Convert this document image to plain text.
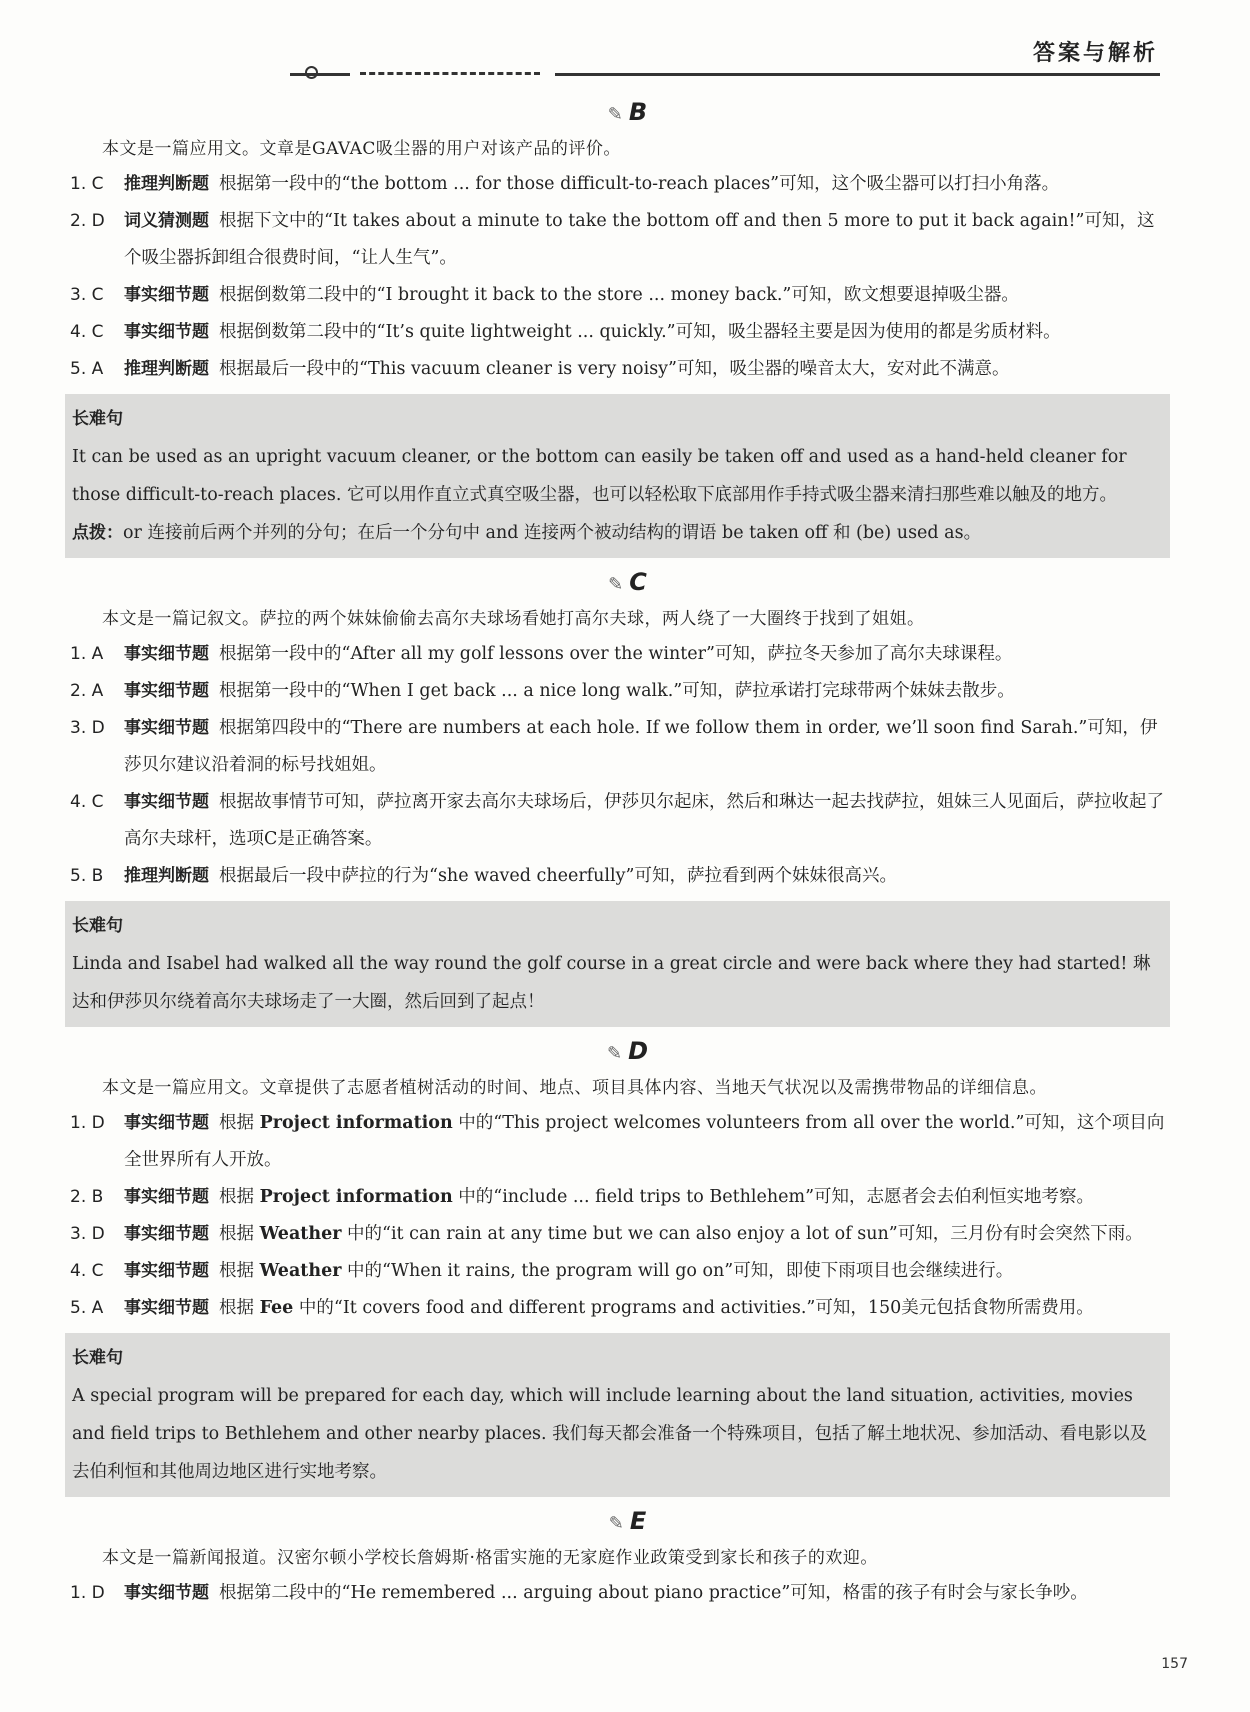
答案与解析
✎ B
本文是一篇应用文。文章是GAVAC吸尘器的用户对该产品的评价。
1. C 推理判断题 根据第一段中的“the bottom ... for those difficult-to-reach places”可知，这个吸尘器可以打扫小角落。
2. D 词义猜测题 根据下文中的“It takes about a minute to take the bottom off and then 5 more to put it back again!”可知，这个吸尘器拆卸组合很费时间，“让人生气”。
3. C 事实细节题 根据倒数第二段中的“I brought it back to the store ... money back.”可知，欧文想要退掉吸尘器。
4. C 事实细节题 根据倒数第二段中的“It’s quite lightweight ... quickly.”可知，吸尘器轻主要是因为使用的都是劣质材料。
5. A 推理判断题 根据最后一段中的“This vacuum cleaner is very noisy”可知，吸尘器的噪音太大，安对此不满意。
长难句
It can be used as an upright vacuum cleaner, or the bottom can easily be taken off and used as a hand-held cleaner for those difficult-to-reach places. 它可以用作直立式真空吸尘器，也可以轻松取下底部用作手持式吸尘器来清扫那些难以触及的地方。
点拨：or 连接前后两个并列的分句；在后一个分句中 and 连接两个被动结构的谓语 be taken off 和 (be) used as。
✎ C
本文是一篇记叙文。萨拉的两个妹妹偷偷去高尔夫球场看她打高尔夫球，两人绕了一大圈终于找到了姐姐。
1. A 事实细节题 根据第一段中的“After all my golf lessons over the winter”可知，萨拉冬天参加了高尔夫球课程。
2. A 事实细节题 根据第一段中的“When I get back ... a nice long walk.”可知，萨拉承诺打完球带两个妹妹去散步。
3. D 事实细节题 根据第四段中的“There are numbers at each hole. If we follow them in order, we’ll soon find Sarah.”可知，伊莎贝尔建议沿着洞的标号找姐姐。
4. C 事实细节题 根据故事情节可知，萨拉离开家去高尔夫球场后，伊莎贝尔起床，然后和琳达一起去找萨拉，姐妹三人见面后，萨拉收起了高尔夫球杆，选项C是正确答案。
5. B 推理判断题 根据最后一段中萨拉的行为“she waved cheerfully”可知，萨拉看到两个妹妹很高兴。
长难句
Linda and Isabel had walked all the way round the golf course in a great circle and were back where they had started! 琳达和伊莎贝尔绕着高尔夫球场走了一大圈，然后回到了起点！
✎ D
本文是一篇应用文。文章提供了志愿者植树活动的时间、地点、项目具体内容、当地天气状况以及需携带物品的详细信息。
1. D 事实细节题 根据 Project information 中的“This project welcomes volunteers from all over the world.”可知，这个项目向全世界所有人开放。
2. B 事实细节题 根据 Project information 中的“include ... field trips to Bethlehem”可知，志愿者会去伯利恒实地考察。
3. D 事实细节题 根据 Weather 中的“it can rain at any time but we can also enjoy a lot of sun”可知，三月份有时会突然下雨。
4. C 事实细节题 根据 Weather 中的“When it rains, the program will go on”可知，即使下雨项目也会继续进行。
5. A 事实细节题 根据 Fee 中的“It covers food and different programs and activities.”可知，150美元包括食物所需费用。
长难句
A special program will be prepared for each day, which will include learning about the land situation, activities, movies and field trips to Bethlehem and other nearby places. 我们每天都会准备一个特殊项目，包括了解土地状况、参加活动、看电影以及去伯利恒和其他周边地区进行实地考察。
✎ E
本文是一篇新闻报道。汉密尔顿小学校长詹姆斯·格雷实施的无家庭作业政策受到家长和孩子的欢迎。
1. D 事实细节题 根据第二段中的“He remembered ... arguing about piano practice”可知，格雷的孩子有时会与家长争吵。
157
